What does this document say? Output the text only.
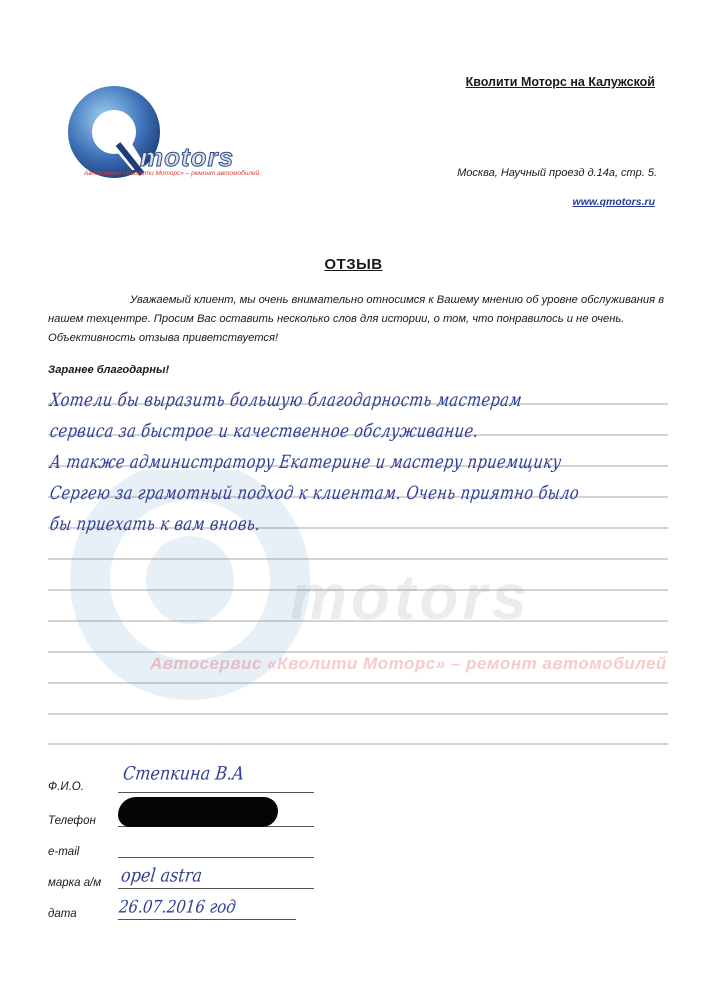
motors
Автосервис «Кволити Моторс» – ремонт автомобилей
motors
Автосервис «Кволити Моторс» – ремонт автомобилей
Кволити Моторс на Калужской
Москва, Научный проезд д.14а, стр. 5.
www.qmotors.ru
ОТЗЫВ
Уважаемый клиент, мы очень внимательно относимся к Вашему мнению об уровне обслуживания в нашем техцентре. Просим Вас оставить несколько слов для истории, о том, что понравилось и не очень. Объективность отзыва приветствуется!
Заранее благодарны!
Хотели бы выразить большую благодарность мастерам
сервиса за быстрое и качественное обслуживание.
А также администратору Екатерине и мастеру приемщику
Сергею за грамотный подход к клиентам. Очень приятно было
бы приехать к вам вновь.
Ф.И.О.
Степкина В.А
Телефон
e-mail
марка а/м opel astra
дата	26.07.2016 год
